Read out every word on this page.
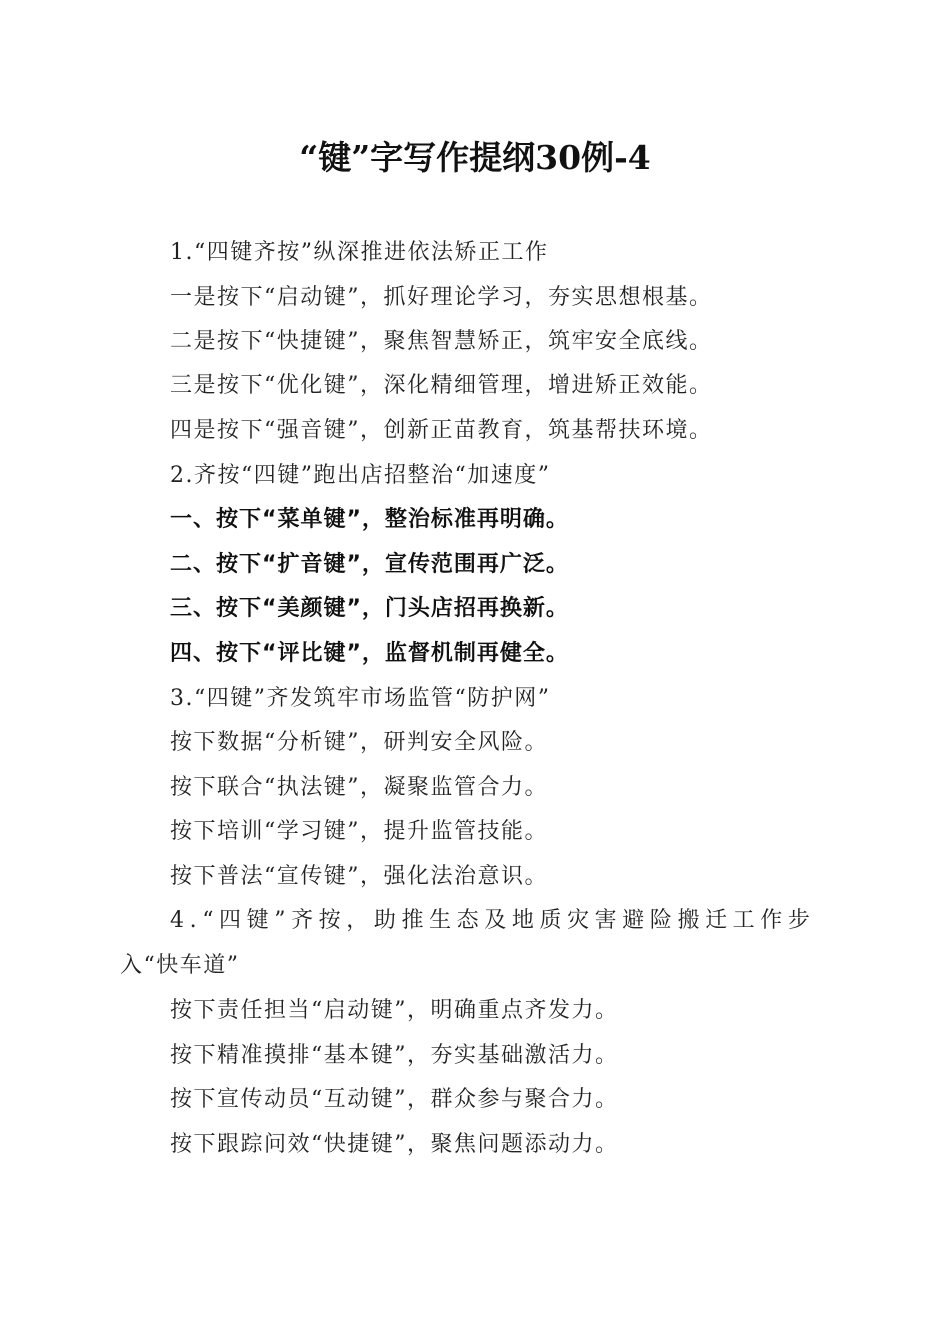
“键”字写作提纲30例-4
1.“四键齐按”纵深推进依法矫正工作
一是按下“启动键”，抓好理论学习，夯实思想根基。
二是按下“快捷键”，聚焦智慧矫正，筑牢安全底线。
三是按下“优化键”，深化精细管理，增进矫正效能。
四是按下“强音键”，创新正苗教育，筑基帮扶环境。
2.齐按“四键”跑出店招整治“加速度”
一、按下“菜单键”，整治标准再明确。
二、按下“扩音键”，宣传范围再广泛。
三、按下“美颜键”，门头店招再换新。
四、按下“评比键”，监督机制再健全。
3.“四键”齐发筑牢市场监管“防护网”
按下数据“分析键”，研判安全风险。
按下联合“执法键”，凝聚监管合力。
按下培训“学习键”，提升监管技能。
按下普法“宣传键”，强化法治意识。
4.“四键”齐按，助推生态及地质灾害避险搬迁工作步
入“快车道”
按下责任担当“启动键”，明确重点齐发力。
按下精准摸排“基本键”，夯实基础激活力。
按下宣传动员“互动键”，群众参与聚合力。
按下跟踪问效“快捷键”，聚焦问题添动力。
